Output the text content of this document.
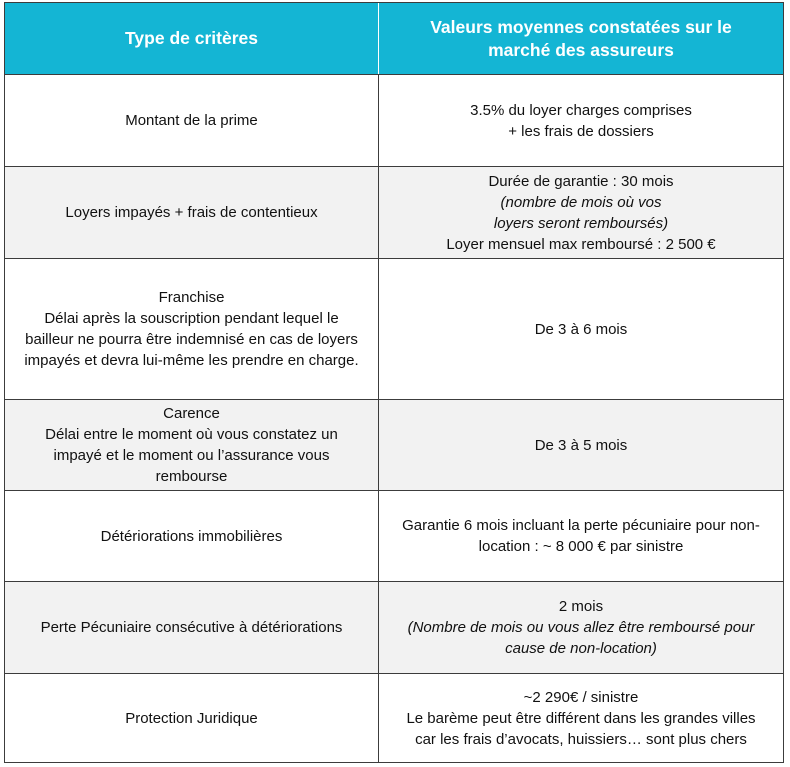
Type de critères
Valeurs moyennes constatées sur le
marché des assureurs
Montant de la prime
3.5% du loyer charges comprises
+ les frais de dossiers
Loyers impayés + frais de contentieux
Durée de garantie : 30 mois
(nombre de mois où vos
loyers seront remboursés)
Loyer mensuel max remboursé : 2 500 €
Franchise
Délai après la souscription pendant lequel le
bailleur ne pourra être indemnisé en cas de loyers
impayés et devra lui-même les prendre en charge.
De 3 à 6 mois
Carence
Délai entre le moment où vous constatez un
impayé et le moment ou l’assurance vous
rembourse
De 3 à 5 mois
Détériorations immobilières
Garantie 6 mois incluant la perte pécuniaire pour non-
location : ~ 8 000 € par sinistre
Perte Pécuniaire consécutive à détériorations
2 mois
(Nombre de mois ou vous allez être remboursé pour
cause de non-location)
Protection Juridique
~2 290€ / sinistre
Le barème peut être différent dans les grandes villes
car les frais d’avocats, huissiers… sont plus chers
